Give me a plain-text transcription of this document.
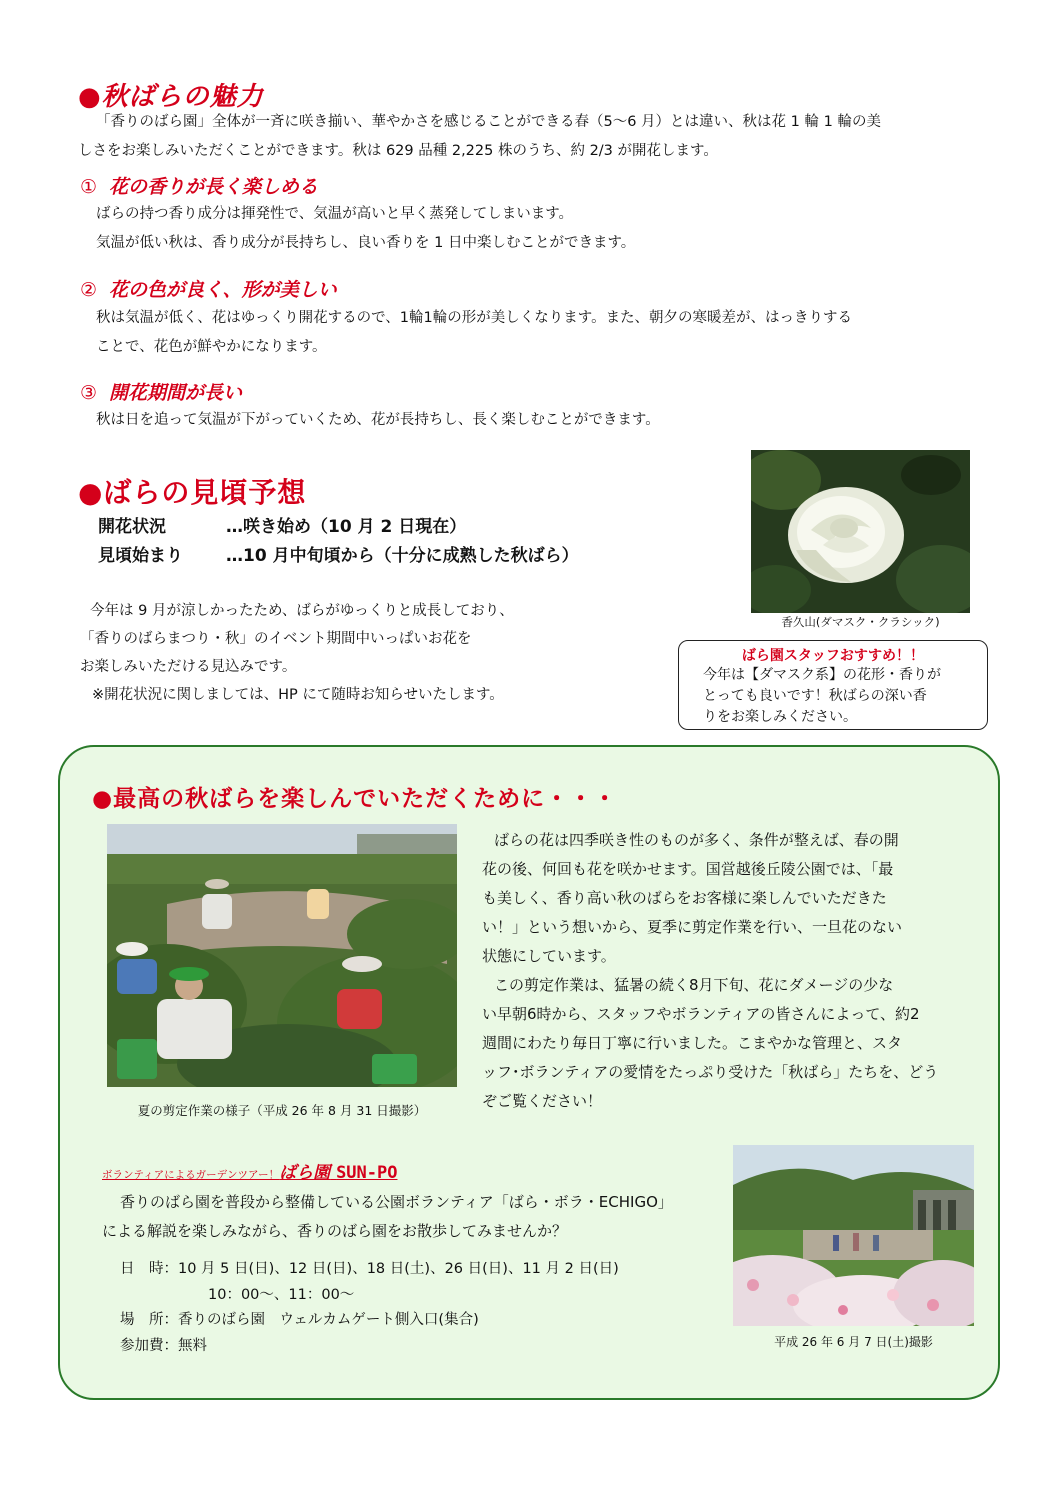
●秋ばらの魅力
「香りのばら園」全体が一斉に咲き揃い、華やかさを感じることができる春（5～6 月）とは違い、秋は花 1 輪 1 輪の美
しさをお楽しみいただくことができます。秋は 629 品種 2,225 株のうち、約 2/3 が開花します。
① 花の香りが長く楽しめる
ばらの持つ香り成分は揮発性で、気温が高いと早く蒸発してしまいます。
気温が低い秋は、香り成分が長持ちし、良い香りを 1 日中楽しむことができます。
② 花の色が良く、形が美しい
秋は気温が低く、花はゆっくり開花するので、1輪1輪の形が美しくなります。また、朝夕の寒暖差が、はっきりする
ことで、花色が鮮やかになります。
③ 開花期間が長い
秋は日を追って気温が下がっていくため、花が長持ちし、長く楽しむことができます。
●ばらの見頃予想
開花状況	…咲き始め（10 月 2 日現在）
見頃始まり	…10 月中旬頃から（十分に成熟した秋ばら）
今年は 9 月が涼しかったため、ばらがゆっくりと成長しており、
「香りのばらまつり・秋」のイベント期間中いっぱいお花を
お楽しみいただける見込みです。
※開花状況に関しましては、HP にて随時お知らせいたします。
香久山(ダマスク・クラシック)
ばら園スタッフおすすめ！！
今年は【ダマスク系】の花形・香りが
とっても良いです！秋ばらの深い香
りをお楽しみください。
●最高の秋ばらを楽しんでいただくために・・・
夏の剪定作業の様子（平成 26 年 8 月 31 日撮影）
ばらの花は四季咲き性のものが多く、条件が整えば、春の開
花の後、何回も花を咲かせます。国営越後丘陵公園では、「最
も美しく、香り高い秋のばらをお客様に楽しんでいただきた
い！」という想いから、夏季に剪定作業を行い、一旦花のない
状態にしています。
この剪定作業は、猛暑の続く8月下旬、花にダメージの少な
い早朝6時から、スタッフやボランティアの皆さんによって、約2
週間にわたり毎日丁寧に行いました。こまやかな管理と、スタ
ッフ･ボランティアの愛情をたっぷり受けた「秋ばら」たちを、どう
ぞご覧ください！
ボランティアによるガーデンツアー！ばら園 SUN-PO
香りのばら園を普段から整備している公園ボランティア「ばら・ボラ・ECHIGO」
による解説を楽しみながら、香りのばら園をお散歩してみませんか？
日　時：10 月 5 日(日)、12 日(日)、18 日(土)、26 日(日)、11 月 2 日(日)
10：00～、11：00～
場　所：香りのばら園　ウェルカムゲート側入口(集合)
参加費：無料	平成 26 年 6 月 7 日(土)撮影
